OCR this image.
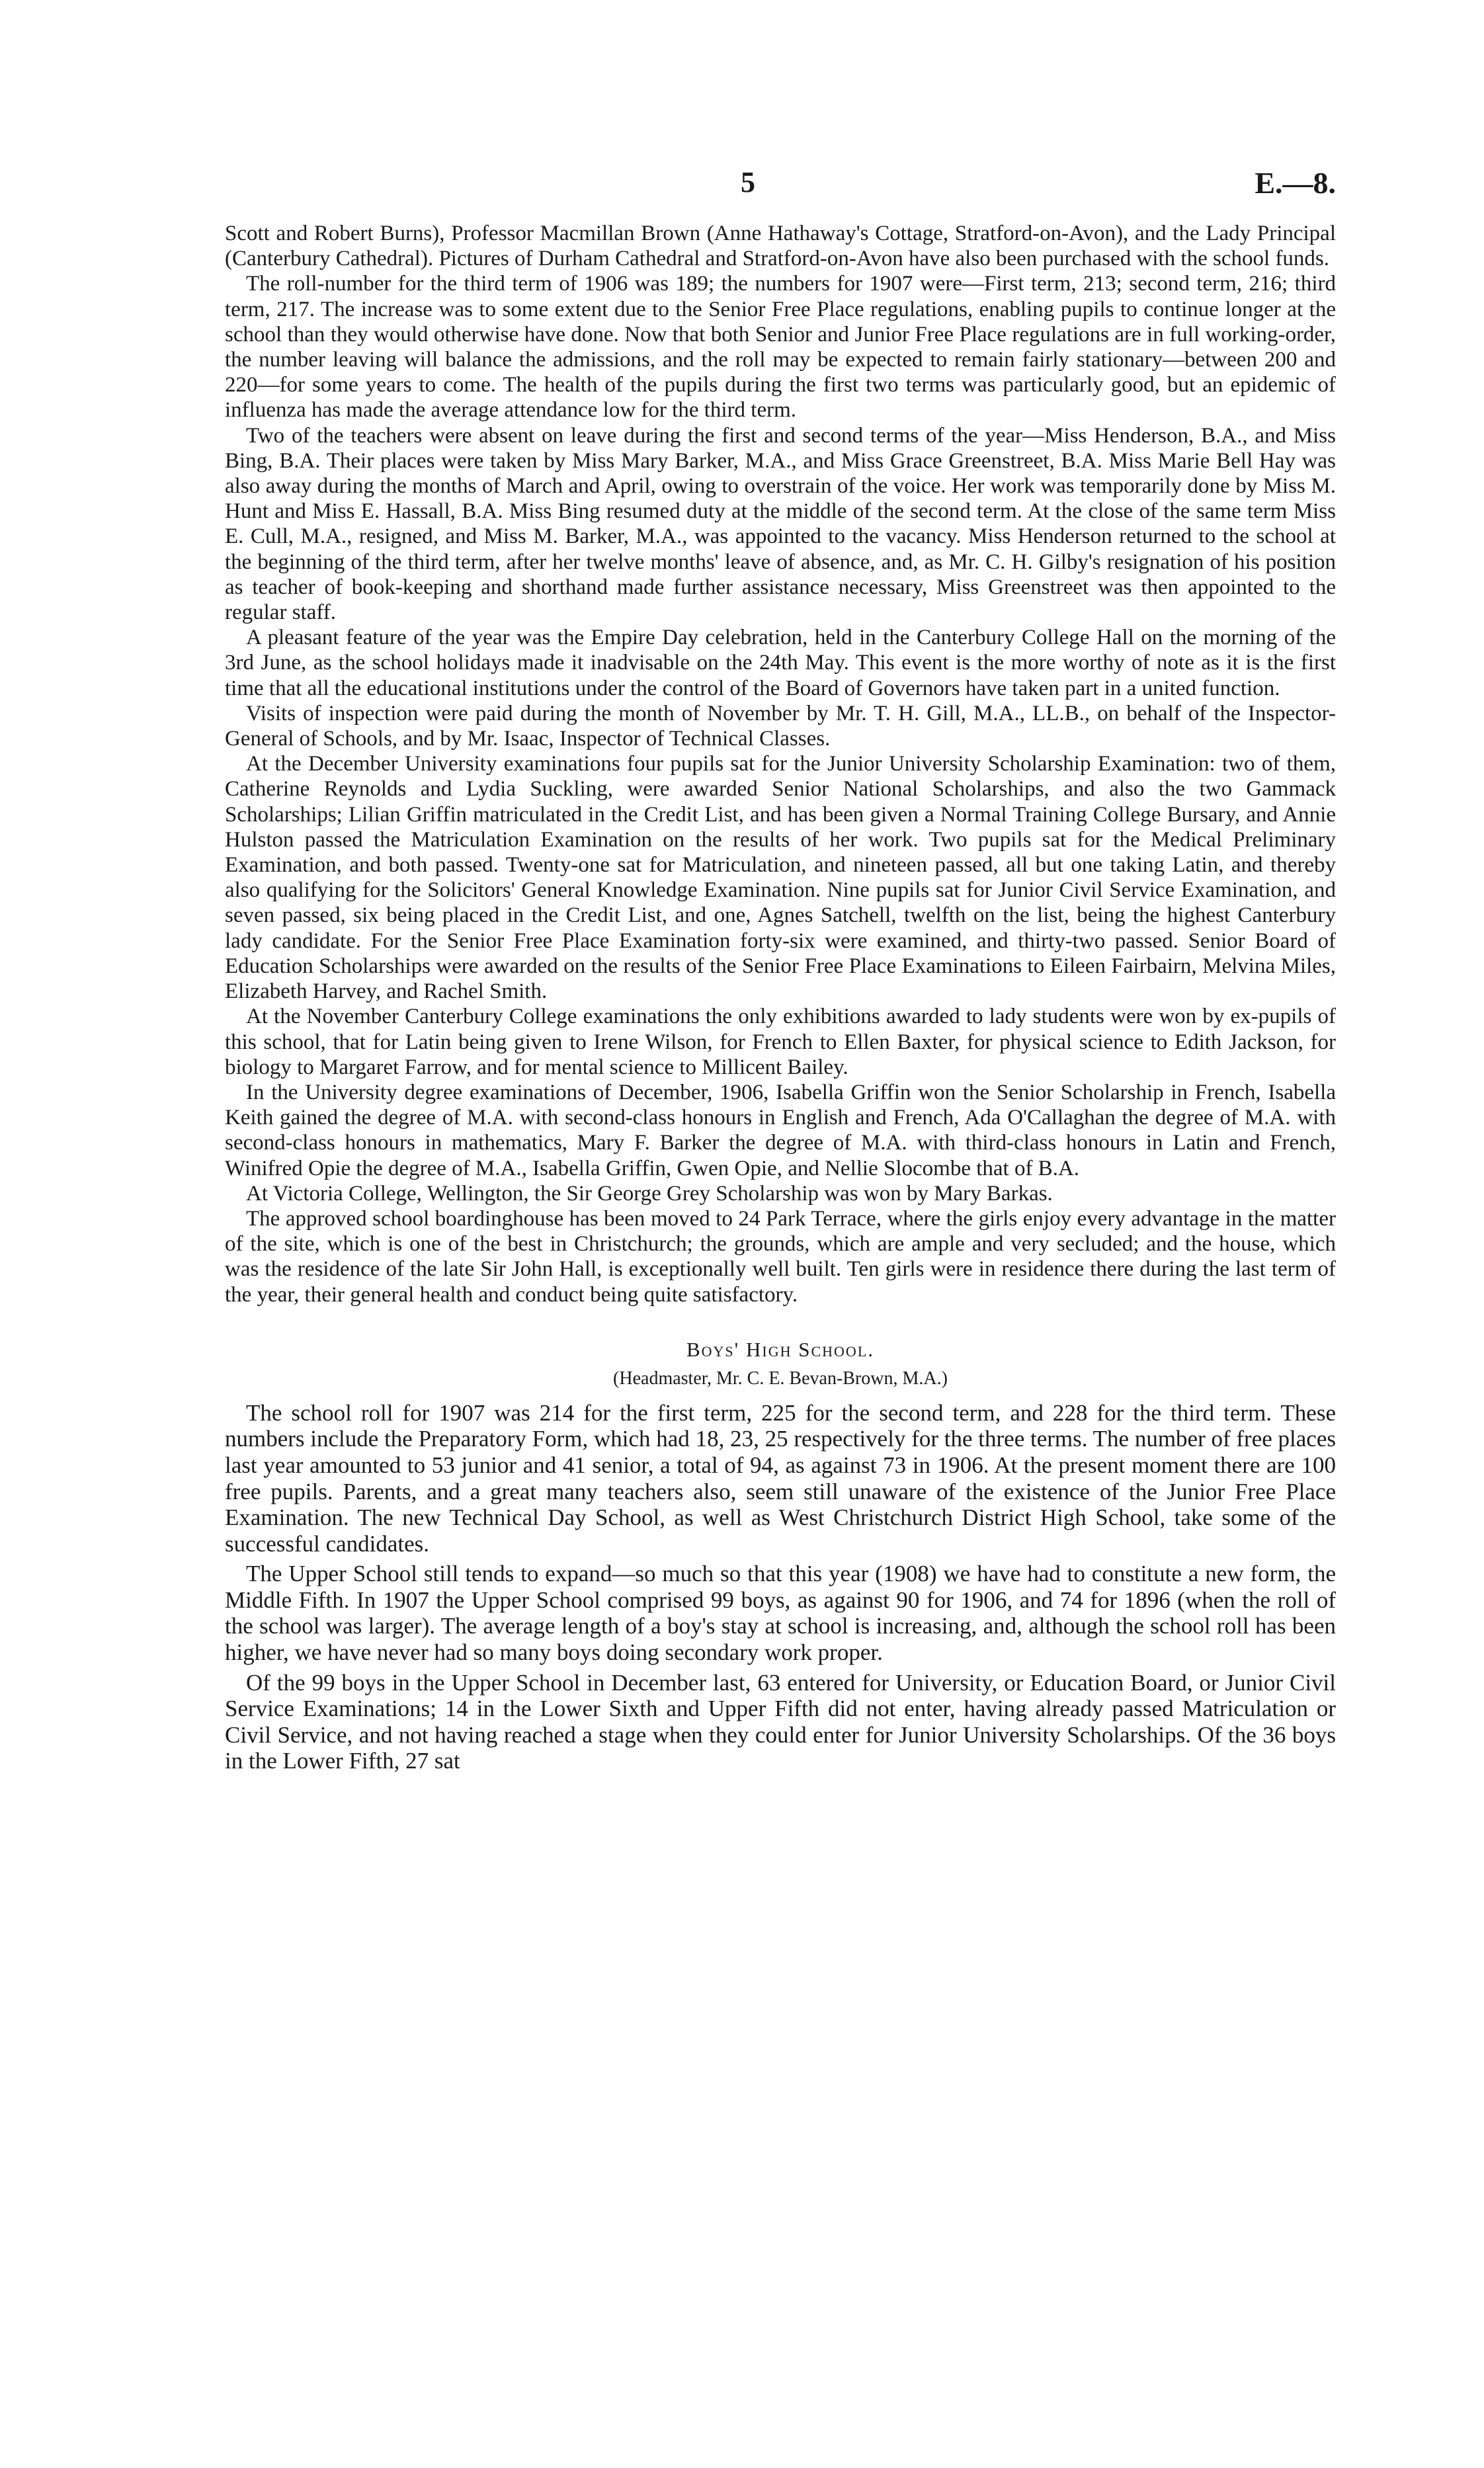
5	E.—8.

Scott and Robert Burns), Professor Macmillan Brown (Anne Hathaway's Cottage, Stratford-on-Avon), and the Lady Principal (Canterbury Cathedral). Pictures of Durham Cathedral and Stratford-on-Avon have also been purchased with the school funds.

The roll-number for the third term of 1906 was 189; the numbers for 1907 were—First term, 213; second term, 216; third term, 217. The increase was to some extent due to the Senior Free Place regulations, enabling pupils to continue longer at the school than they would otherwise have done. Now that both Senior and Junior Free Place regulations are in full working-order, the number leaving will balance the admissions, and the roll may be expected to remain fairly stationary—between 200 and 220—for some years to come. The health of the pupils during the first two terms was particularly good, but an epidemic of influenza has made the average attendance low for the third term.

Two of the teachers were absent on leave during the first and second terms of the year—Miss Henderson, B.A., and Miss Bing, B.A. Their places were taken by Miss Mary Barker, M.A., and Miss Grace Greenstreet, B.A. Miss Marie Bell Hay was also away during the months of March and April, owing to overstrain of the voice. Her work was temporarily done by Miss M. Hunt and Miss E. Hassall, B.A. Miss Bing resumed duty at the middle of the second term. At the close of the same term Miss E. Cull, M.A., resigned, and Miss M. Barker, M.A., was appointed to the vacancy. Miss Henderson returned to the school at the beginning of the third term, after her twelve months' leave of absence, and, as Mr. C. H. Gilby's resignation of his position as teacher of book-keeping and shorthand made further assistance necessary, Miss Greenstreet was then appointed to the regular staff.

A pleasant feature of the year was the Empire Day celebration, held in the Canterbury College Hall on the morning of the 3rd June, as the school holidays made it inadvisable on the 24th May. This event is the more worthy of note as it is the first time that all the educational institutions under the control of the Board of Governors have taken part in a united function.

Visits of inspection were paid during the month of November by Mr. T. H. Gill, M.A., LL.B., on behalf of the Inspector-General of Schools, and by Mr. Isaac, Inspector of Technical Classes.

At the December University examinations four pupils sat for the Junior University Scholarship Examination: two of them, Catherine Reynolds and Lydia Suckling, were awarded Senior National Scholarships, and also the two Gammack Scholarships; Lilian Griffin matriculated in the Credit List, and has been given a Normal Training College Bursary, and Annie Hulston passed the Matriculation Examination on the results of her work. Two pupils sat for the Medical Preliminary Examination, and both passed. Twenty-one sat for Matriculation, and nineteen passed, all but one taking Latin, and thereby also qualifying for the Solicitors' General Knowledge Examination. Nine pupils sat for Junior Civil Service Examination, and seven passed, six being placed in the Credit List, and one, Agnes Satchell, twelfth on the list, being the highest Canterbury lady candidate. For the Senior Free Place Examination forty-six were examined, and thirty-two passed. Senior Board of Education Scholarships were awarded on the results of the Senior Free Place Examinations to Eileen Fairbairn, Melvina Miles, Elizabeth Harvey, and Rachel Smith.

At the November Canterbury College examinations the only exhibitions awarded to lady students were won by ex-pupils of this school, that for Latin being given to Irene Wilson, for French to Ellen Baxter, for physical science to Edith Jackson, for biology to Margaret Farrow, and for mental science to Millicent Bailey.

In the University degree examinations of December, 1906, Isabella Griffin won the Senior Scholarship in French, Isabella Keith gained the degree of M.A. with second-class honours in English and French, Ada O'Callaghan the degree of M.A. with second-class honours in mathematics, Mary F. Barker the degree of M.A. with third-class honours in Latin and French, Winifred Opie the degree of M.A., Isabella Griffin, Gwen Opie, and Nellie Slocombe that of B.A.

At Victoria College, Wellington, the Sir George Grey Scholarship was won by Mary Barkas.

The approved school boardinghouse has been moved to 24 Park Terrace, where the girls enjoy every advantage in the matter of the site, which is one of the best in Christchurch; the grounds, which are ample and very secluded; and the house, which was the residence of the late Sir John Hall, is exceptionally well built. Ten girls were in residence there during the last term of the year, their general health and conduct being quite satisfactory.

Boys' High School.
(Headmaster, Mr. C. E. Bevan-Brown, M.A.)

The school roll for 1907 was 214 for the first term, 225 for the second term, and 228 for the third term. These numbers include the Preparatory Form, which had 18, 23, 25 respectively for the three terms. The number of free places last year amounted to 53 junior and 41 senior, a total of 94, as against 73 in 1906. At the present moment there are 100 free pupils. Parents, and a great many teachers also, seem still unaware of the existence of the Junior Free Place Examination. The new Technical Day School, as well as West Christchurch District High School, take some of the successful candidates.

The Upper School still tends to expand—so much so that this year (1908) we have had to constitute a new form, the Middle Fifth. In 1907 the Upper School comprised 99 boys, as against 90 for 1906, and 74 for 1896 (when the roll of the school was larger). The average length of a boy's stay at school is increasing, and, although the school roll has been higher, we have never had so many boys doing secondary work proper.

Of the 99 boys in the Upper School in December last, 63 entered for University, or Education Board, or Junior Civil Service Examinations; 14 in the Lower Sixth and Upper Fifth did not enter, having already passed Matriculation or Civil Service, and not having reached a stage when they could enter for Junior University Scholarships. Of the 36 boys in the Lower Fifth, 27 sat
